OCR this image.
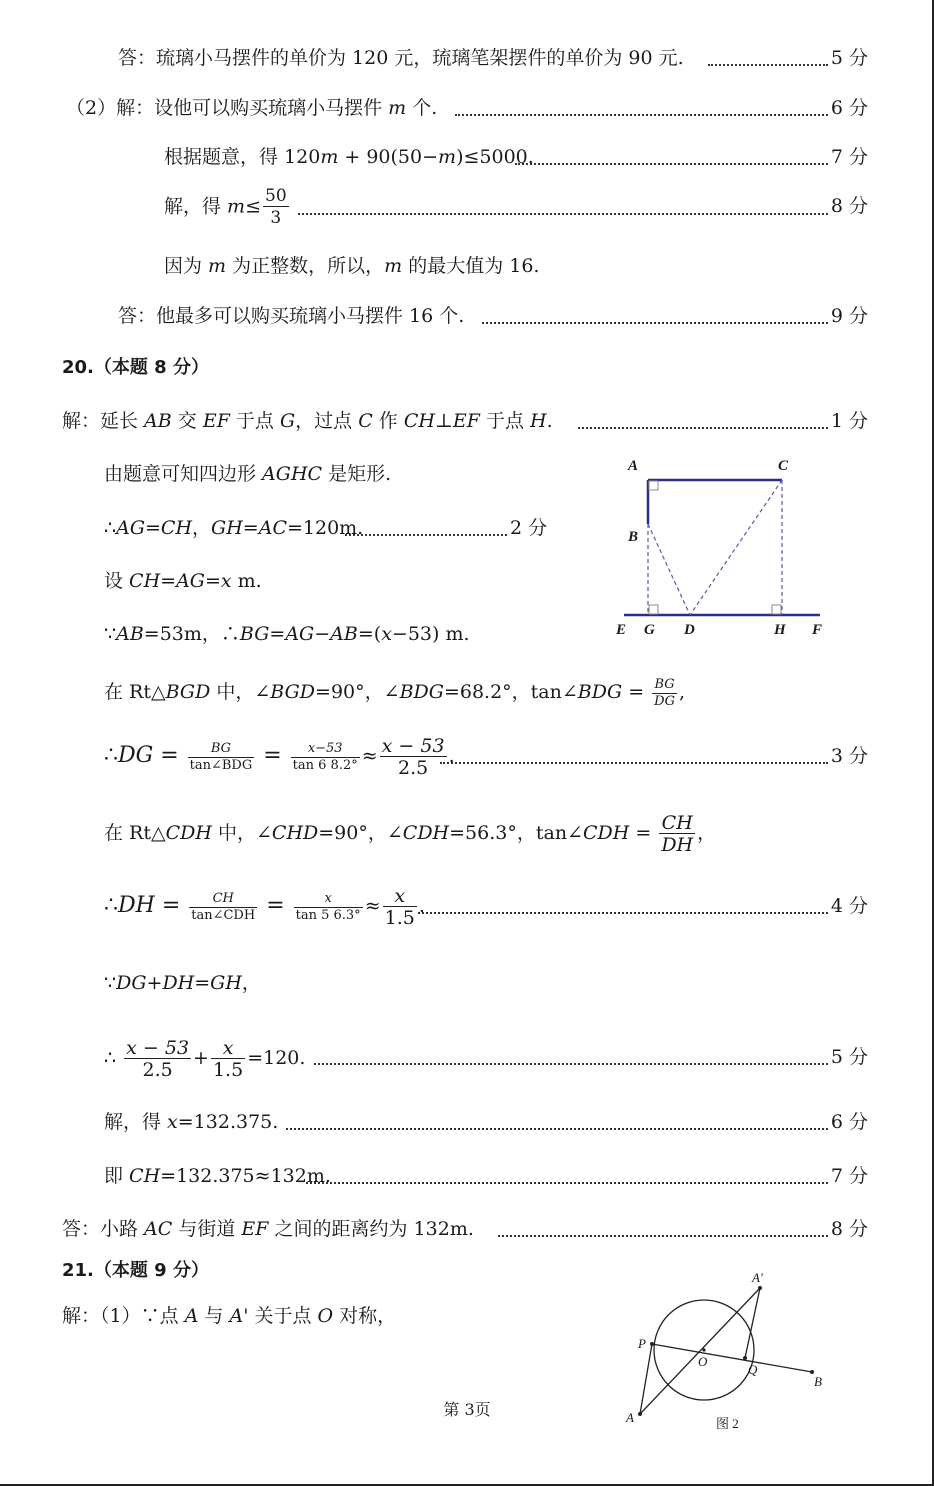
答：琉璃小马摆件的单价为 120 元，琉璃笔架摆件的单价为 90 元.	5 分
（2）解：设他可以购买琉璃小马摆件 m 个.	6 分
根据题意，得 120m + 90(50−m)≤5000.	7 分
解，得 $m\le \frac{50}{3}$	8 分
因为 m 为正整数，所以，m 的最大值为 16.
答：他最多可以购买琉璃小马摆件 16 个.	9 分
20.（本题 8 分）
解：延长 AB 交 EF 于点 G，过点 C 作 CH⊥EF 于点 H.	1 分
由题意可知四边形 AGHC 是矩形.
∴AG=CH，GH=AC=120m.	2 分
设 CH=AG=x m.
∵AB=53m，∴BG=AG−AB=(x−53) m.
A	C
B
E G D	H F
在 Rt△BGD 中，∠BGD=90°，∠BDG=68.2°，tan∠BDG = $\frac{BG}{DG}$ ,
∴DG = $\frac{BG}{\text{tan∠BDG}} = \frac{x-53}{\tan 6 8.2^\circ} \approx \frac{x - 53}{2.5}$ .	3 分
在 Rt△CDH 中，∠CHD=90°，∠CDH=56.3°，tan∠CDH = $\frac{CH}{DH}$ ，
∴DH = $\frac{CH}{\text{tan∠CDH}} = \frac{x}{\tan 5 6.3^\circ} \approx \frac{x}{1.5}$ .	4 分
∵DG+DH=GH，
∴ $\frac{x - 53}{2.5} + \frac{x}{1.5} =120$.	5 分
解，得 x=132.375.	6 分
即 CH=132.375≈132m.	7 分
答：小路 AC 与街道 EF 之间的距离约为 132m.	8 分
21.（本题 9 分）
解：（1）∵点 A 与 A' 关于点 O 对称，
A'
P
O
Q
B
A	图 2
第 3页
